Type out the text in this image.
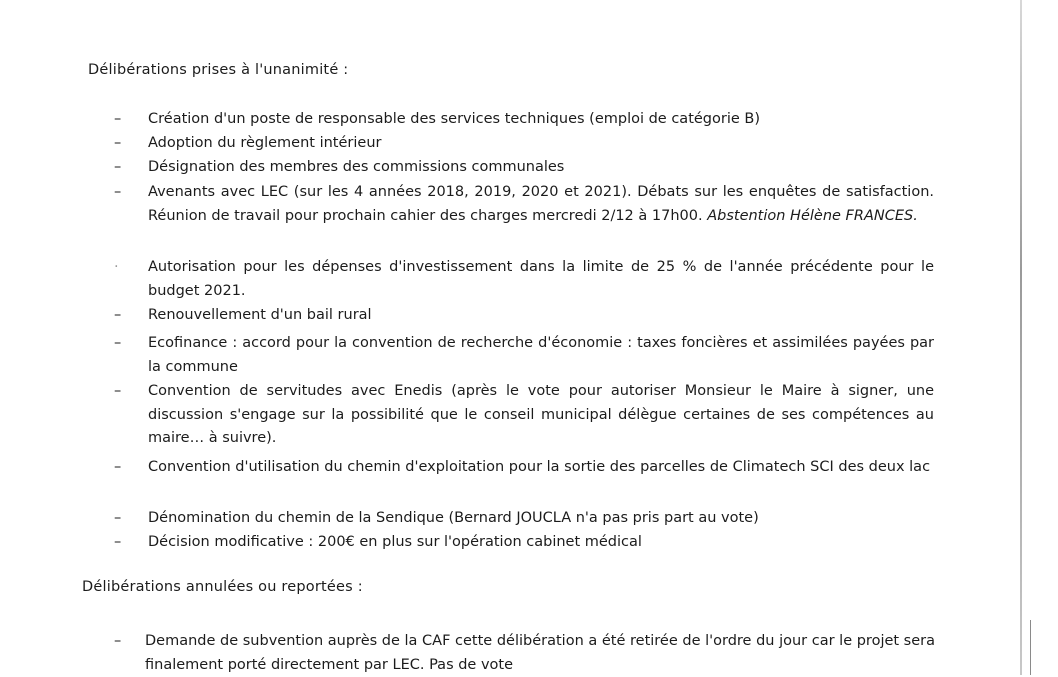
Délibérations prises à l'unanimité :
– Création d'un poste de responsable des services techniques (emploi de catégorie B)
– Adoption du règlement intérieur
– Désignation des membres des commissions communales
– Avenants avec LEC (sur les 4 années 2018, 2019, 2020 et 2021). Débats sur les enquêtes de satisfaction. Réunion de travail pour prochain cahier des charges mercredi 2/12 à 17h00. Abstention Hélène FRANCES.
· Autorisation pour les dépenses d'investissement dans la limite de 25 % de l'année précédente pour le budget 2021.
– Renouvellement d'un bail rural
– Ecofinance : accord pour la convention de recherche d'économie : taxes foncières et assimilées payées par la commune
– Convention de servitudes avec Enedis (après le vote pour autoriser Monsieur le Maire à signer, une discussion s'engage sur la possibilité que le conseil municipal délègue certaines de ses compétences au maire… à suivre).
– Convention d'utilisation du chemin d'exploitation pour la sortie des parcelles de Climatech SCI des deux lac
– Dénomination du chemin de la Sendique (Bernard JOUCLA n'a pas pris part au vote)
– Décision modificative : 200€ en plus sur l'opération cabinet médical
Délibérations annulées ou reportées :
– Demande de subvention auprès de la CAF cette délibération a été retirée de l'ordre du jour car le projet sera finalement porté directement par LEC. Pas de vote
